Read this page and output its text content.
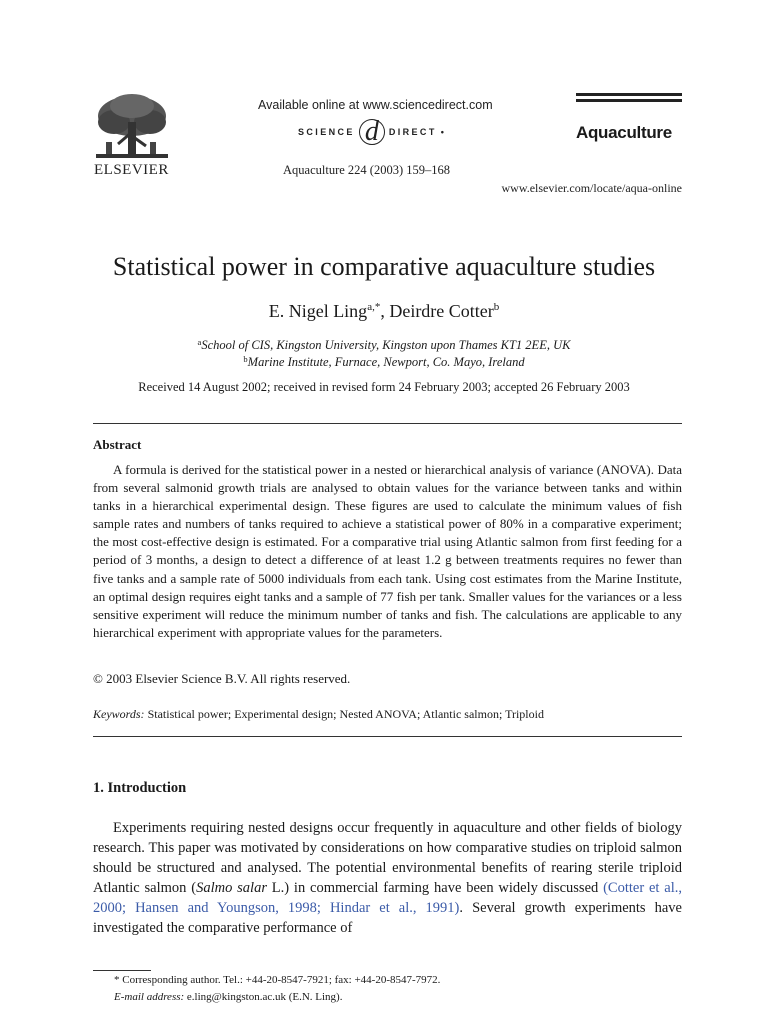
ELSEVIER
Available online at www.sciencedirect.com
SCIENCE d	DIRECT •
Aquaculture 224 (2003) 159–168
Aquaculture
www.elsevier.com/locate/aqua-online
Statistical power in comparative aquaculture studies
E. Nigel Ling$^{a,*}$, Deirdre Cotter$^b$
$^a$School of CIS, Kingston University, Kingston upon Thames KT1 2EE, UK
$^b$Marine Institute, Furnace, Newport, Co. Mayo, Ireland
Received 14 August 2002; received in revised form 24 February 2003; accepted 26 February 2003
Abstract

A formula is derived for the statistical power in a nested or hierarchical analysis of variance (ANOVA). Data from several salmonid growth trials are analysed to obtain values for the variance between tanks and within tanks in a hierarchical experimental design. These figures are used to calculate the minimum values of fish sample rates and numbers of tanks required to achieve a statistical power of 80% in a comparative experiment; the most cost-effective design is estimated. For a comparative trial using Atlantic salmon from first feeding for a period of 3 months, a design to detect a difference of at least 1.2 g between treatments requires no fewer than five tanks and a sample rate of 5000 individuals from each tank. Using cost estimates from the Marine Institute, an optimal design requires eight tanks and a sample of 77 fish per tank. Smaller values for the variances or a less sensitive experiment will reduce the minimum number of tanks and fish. The calculations are applicable to any hierarchical experiment with appropriate values for the parameters.

© 2003 Elsevier Science B.V. All rights reserved.
Keywords: Statistical power; Experimental design; Nested ANOVA; Atlantic salmon; Triploid
1. Introduction

Experiments requiring nested designs occur frequently in aquaculture and other fields of biology research. This paper was motivated by considerations on how comparative studies on triploid salmon should be structured and analysed. The potential environmental benefits of rearing sterile triploid Atlantic salmon (Salmo salar L.) in commercial farming have been widely discussed (Cotter et al., 2000; Hansen and Youngson, 1998; Hindar et al., 1991). Several growth experiments have investigated the comparative performance of

* Corresponding author. Tel.: +44-20-8547-7921; fax: +44-20-8547-7972.
E-mail address: e.ling@kingston.ac.uk (E.N. Ling).
